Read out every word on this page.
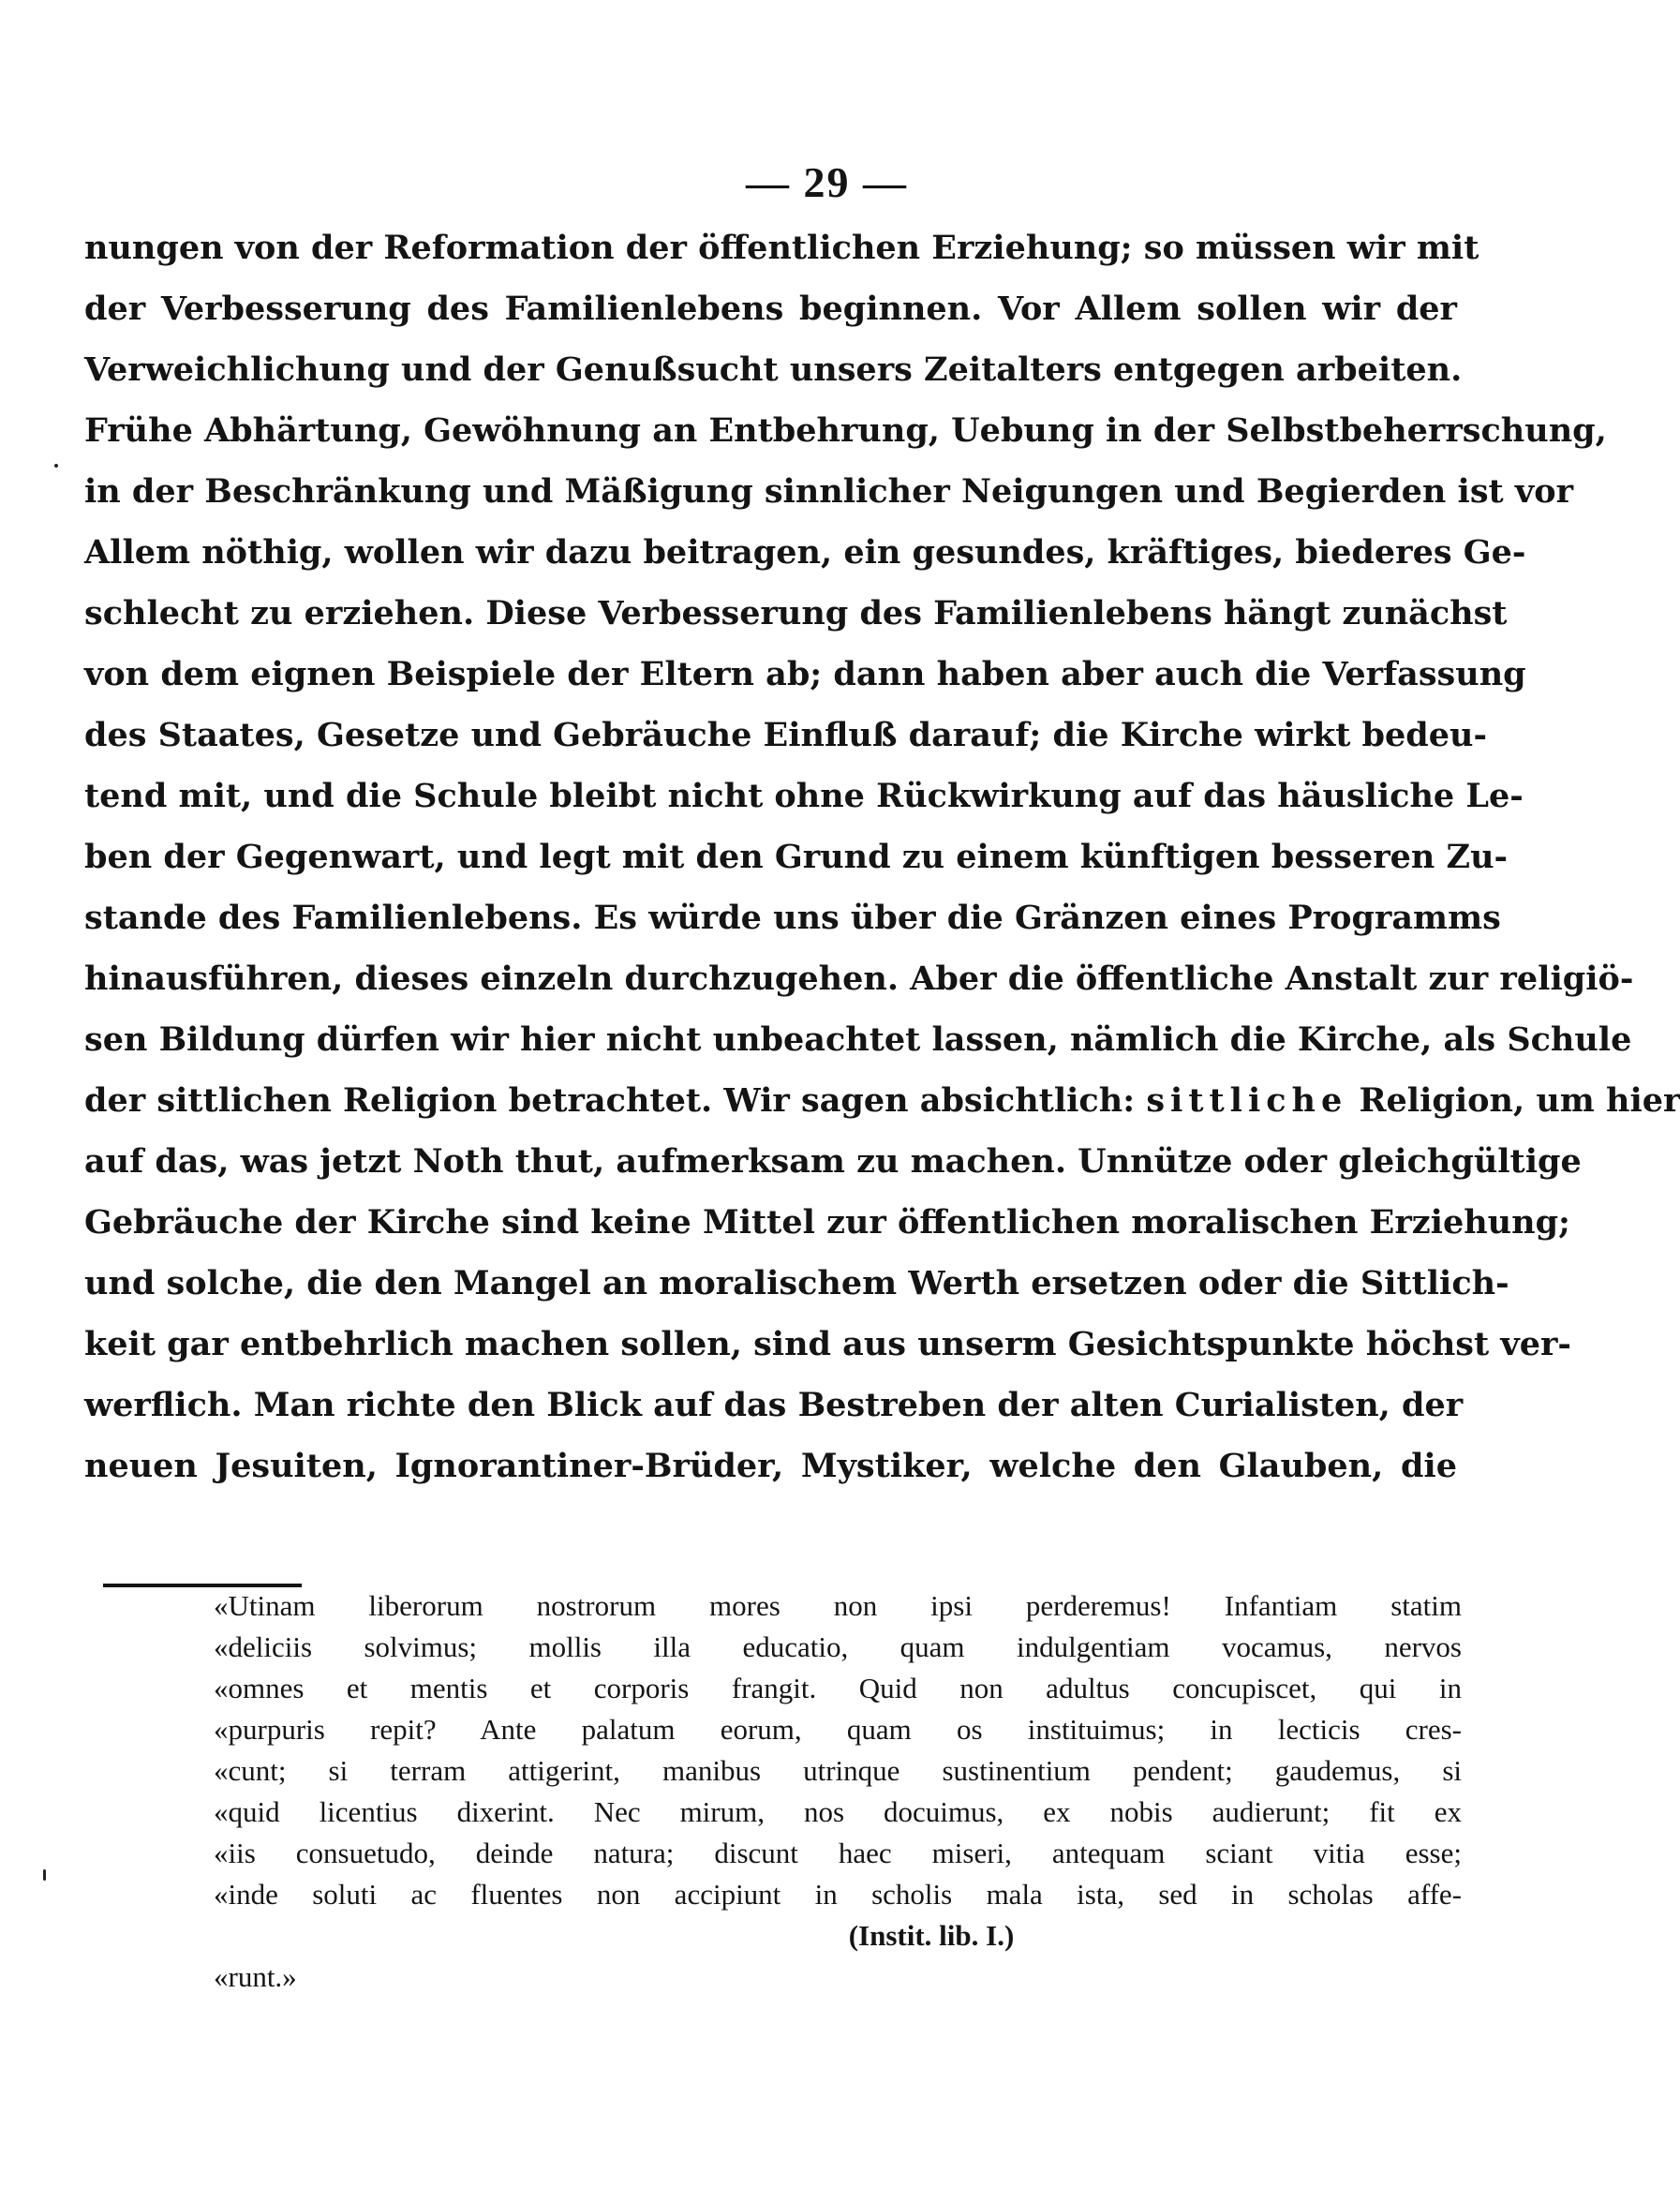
— 29 —
nungen von der Reformation der öffentlichen Erziehung; so müssen wir mit
der Verbesserung des Familienlebens beginnen. Vor Allem sollen wir der
Verweichlichung und der Genußsucht unsers Zeitalters entgegen arbeiten.
Frühe Abhärtung, Gewöhnung an Entbehrung, Uebung in der Selbstbeherrschung,
in der Beschränkung und Mäßigung sinnlicher Neigungen und Begierden ist vor
Allem nöthig, wollen wir dazu beitragen, ein gesundes, kräftiges, biederes Ge-
schlecht zu erziehen. Diese Verbesserung des Familienlebens hängt zunächst
von dem eignen Beispiele der Eltern ab; dann haben aber auch die Verfassung
des Staates, Gesetze und Gebräuche Einfluß darauf; die Kirche wirkt bedeu-
tend mit, und die Schule bleibt nicht ohne Rückwirkung auf das häusliche Le-
ben der Gegenwart, und legt mit den Grund zu einem künftigen besseren Zu-
stande des Familienlebens. Es würde uns über die Gränzen eines Programms
hinausführen, dieses einzeln durchzugehen. Aber die öffentliche Anstalt zur religiö-
sen Bildung dürfen wir hier nicht unbeachtet lassen, nämlich die Kirche, als Schule
der sittlichen Religion betrachtet. Wir sagen absichtlich: sittliche Religion, um hier
auf das, was jetzt Noth thut, aufmerksam zu machen. Unnütze oder gleichgültige
Gebräuche der Kirche sind keine Mittel zur öffentlichen moralischen Erziehung;
und solche, die den Mangel an moralischem Werth ersetzen oder die Sittlich-
keit gar entbehrlich machen sollen, sind aus unserm Gesichtspunkte höchst ver-
werflich. Man richte den Blick auf das Bestreben der alten Curialisten, der
neuen Jesuiten, Ignorantiner-Brüder, Mystiker, welche den Glauben, die
«Utinam liberorum nostrorum mores non ipsi perderemus! Infantiam statim
«deliciis solvimus; mollis illa educatio, quam indulgentiam vocamus, nervos
«omnes et mentis et corporis frangit. Quid non adultus concupiscet, qui in
«purpuris repit? Ante palatum eorum, quam os instituimus; in lecticis cres-
«cunt; si terram attigerint, manibus utrinque sustinentium pendent; gaudemus, si
«quid licentius dixerint. Nec mirum, nos docuimus, ex nobis audierunt; fit ex
«iis consuetudo, deinde natura; discunt haec miseri, antequam sciant vitia esse;
«inde soluti ac fluentes non accipiunt in scholis mala ista, sed in scholas affe-
(Instit. lib. I.)
«runt.»
